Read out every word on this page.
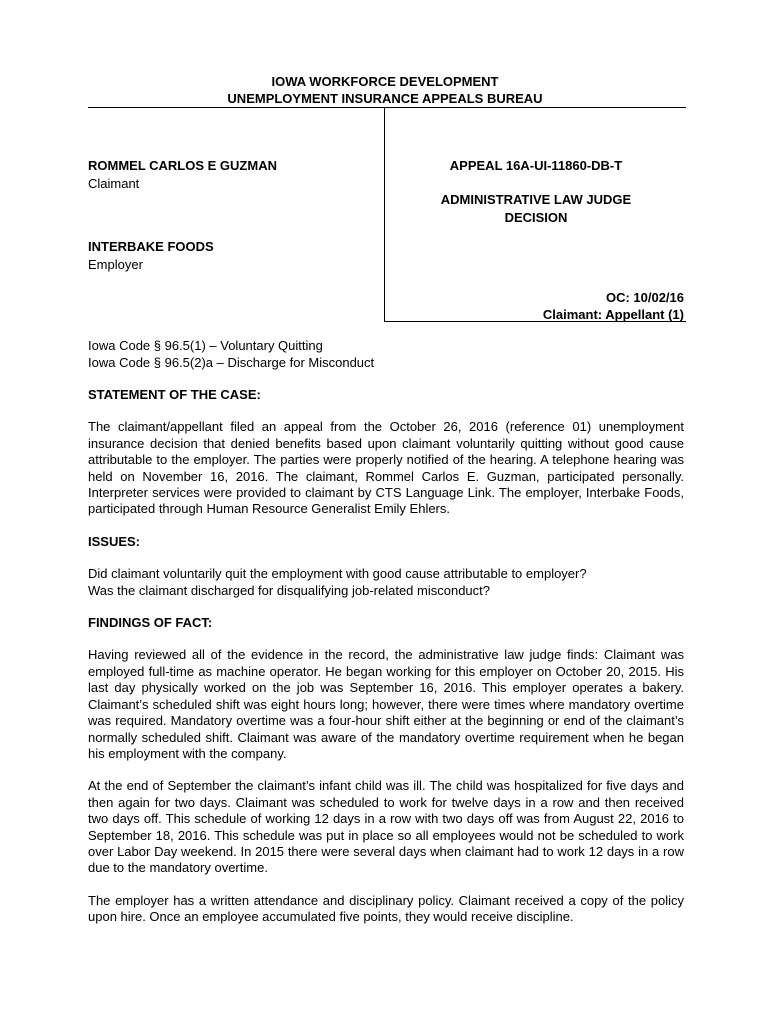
IOWA WORKFORCE DEVELOPMENT
UNEMPLOYMENT INSURANCE APPEALS BUREAU
ROMMEL CARLOS E GUZMAN
Claimant
INTERBAKE FOODS
Employer
APPEAL 16A-UI-11860-DB-T
ADMINISTRATIVE LAW JUDGE
DECISION
OC: 10/02/16
Claimant: Appellant (1)
Iowa Code § 96.5(1) – Voluntary Quitting
Iowa Code § 96.5(2)a – Discharge for Misconduct

STATEMENT OF THE CASE:

The claimant/appellant filed an appeal from the October 26, 2016 (reference 01) unemployment insurance decision that denied benefits based upon claimant voluntarily quitting without good cause attributable to the employer. The parties were properly notified of the hearing. A telephone hearing was held on November 16, 2016. The claimant, Rommel Carlos E. Guzman, participated personally. Interpreter services were provided to claimant by CTS Language Link. The employer, Interbake Foods, participated through Human Resource Generalist Emily Ehlers.

ISSUES:

Did claimant voluntarily quit the employment with good cause attributable to employer?
Was the claimant discharged for disqualifying job-related misconduct?

FINDINGS OF FACT:

Having reviewed all of the evidence in the record, the administrative law judge finds: Claimant was employed full-time as machine operator. He began working for this employer on October 20, 2015. His last day physically worked on the job was September 16, 2016. This employer operates a bakery. Claimant’s scheduled shift was eight hours long; however, there were times where mandatory overtime was required. Mandatory overtime was a four-hour shift either at the beginning or end of the claimant’s normally scheduled shift. Claimant was aware of the mandatory overtime requirement when he began his employment with the company.

At the end of September the claimant’s infant child was ill. The child was hospitalized for five days and then again for two days. Claimant was scheduled to work for twelve days in a row and then received two days off. This schedule of working 12 days in a row with two days off was from August 22, 2016 to September 18, 2016. This schedule was put in place so all employees would not be scheduled to work over Labor Day weekend. In 2015 there were several days when claimant had to work 12 days in a row due to the mandatory overtime.

The employer has a written attendance and disciplinary policy. Claimant received a copy of the policy upon hire. Once an employee accumulated five points, they would receive discipline.
